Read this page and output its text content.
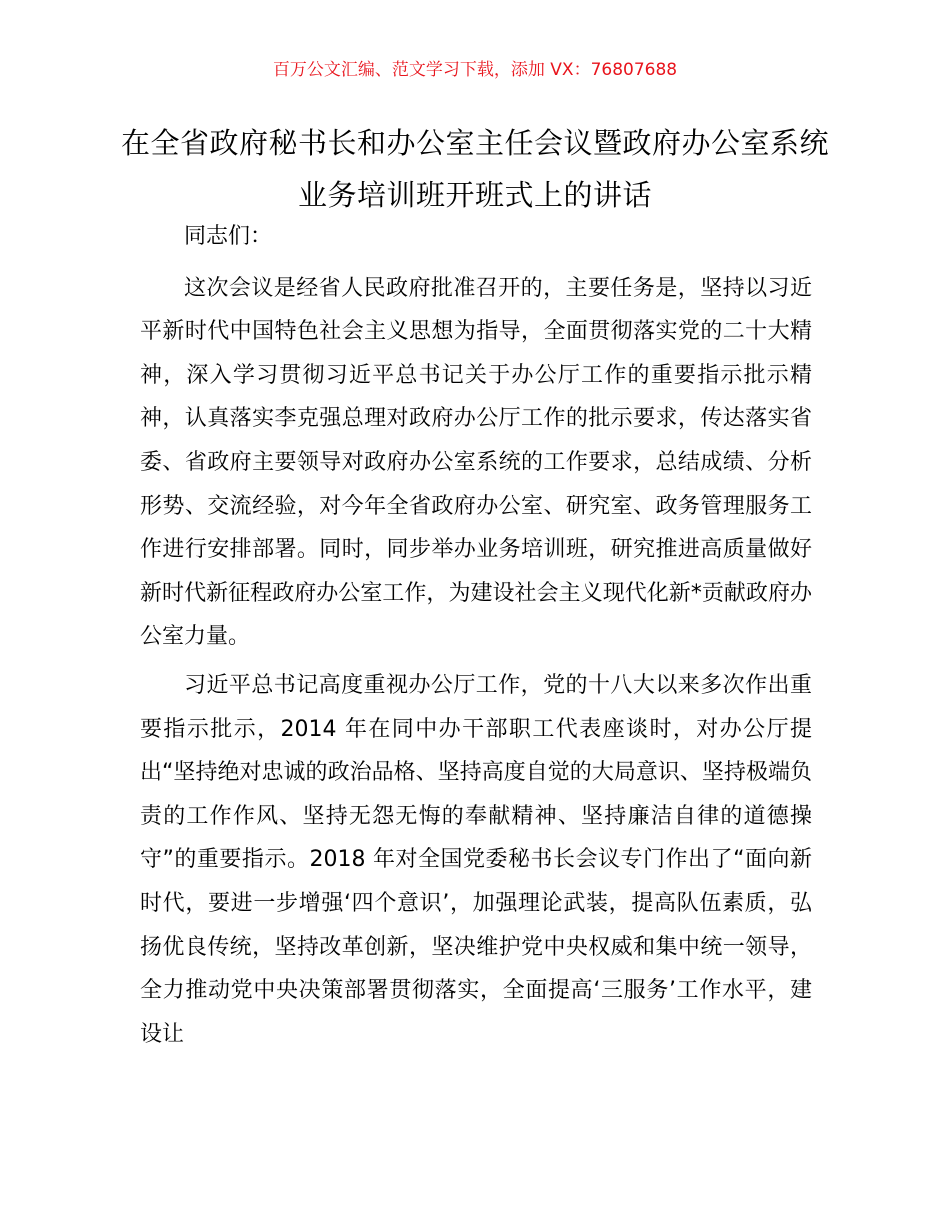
百万公文汇编、范文学习下载，添加 VX：76807688
在全省政府秘书长和办公室主任会议暨政府办公室系统业务培训班开班式上的讲话

同志们：

这次会议是经省人民政府批准召开的，主要任务是，坚持以习近平新时代中国特色社会主义思想为指导，全面贯彻落实党的二十大精神，深入学习贯彻习近平总书记关于办公厅工作的重要指示批示精神，认真落实李克强总理对政府办公厅工作的批示要求，传达落实省委、省政府主要领导对政府办公室系统的工作要求，总结成绩、分析形势、交流经验，对今年全省政府办公室、研究室、政务管理服务工作进行安排部署。同时，同步举办业务培训班，研究推进高质量做好新时代新征程政府办公室工作，为建设社会主义现代化新*贡献政府办公室力量。

习近平总书记高度重视办公厅工作，党的十八大以来多次作出重要指示批示，2014 年在同中办干部职工代表座谈时，对办公厅提出“坚持绝对忠诚的政治品格、坚持高度自觉的大局意识、坚持极端负责的工作作风、坚持无怨无悔的奉献精神、坚持廉洁自律的道德操守”的重要指示。2018 年对全国党委秘书长会议专门作出了“面向新时代，要进一步增强‘四个意识’，加强理论武装，提高队伍素质，弘扬优良传统，坚持改革创新，坚决维护党中央权威和集中统一领导，全力推动党中央决策部署贯彻落实，全面提高‘三服务’工作水平，建设让
